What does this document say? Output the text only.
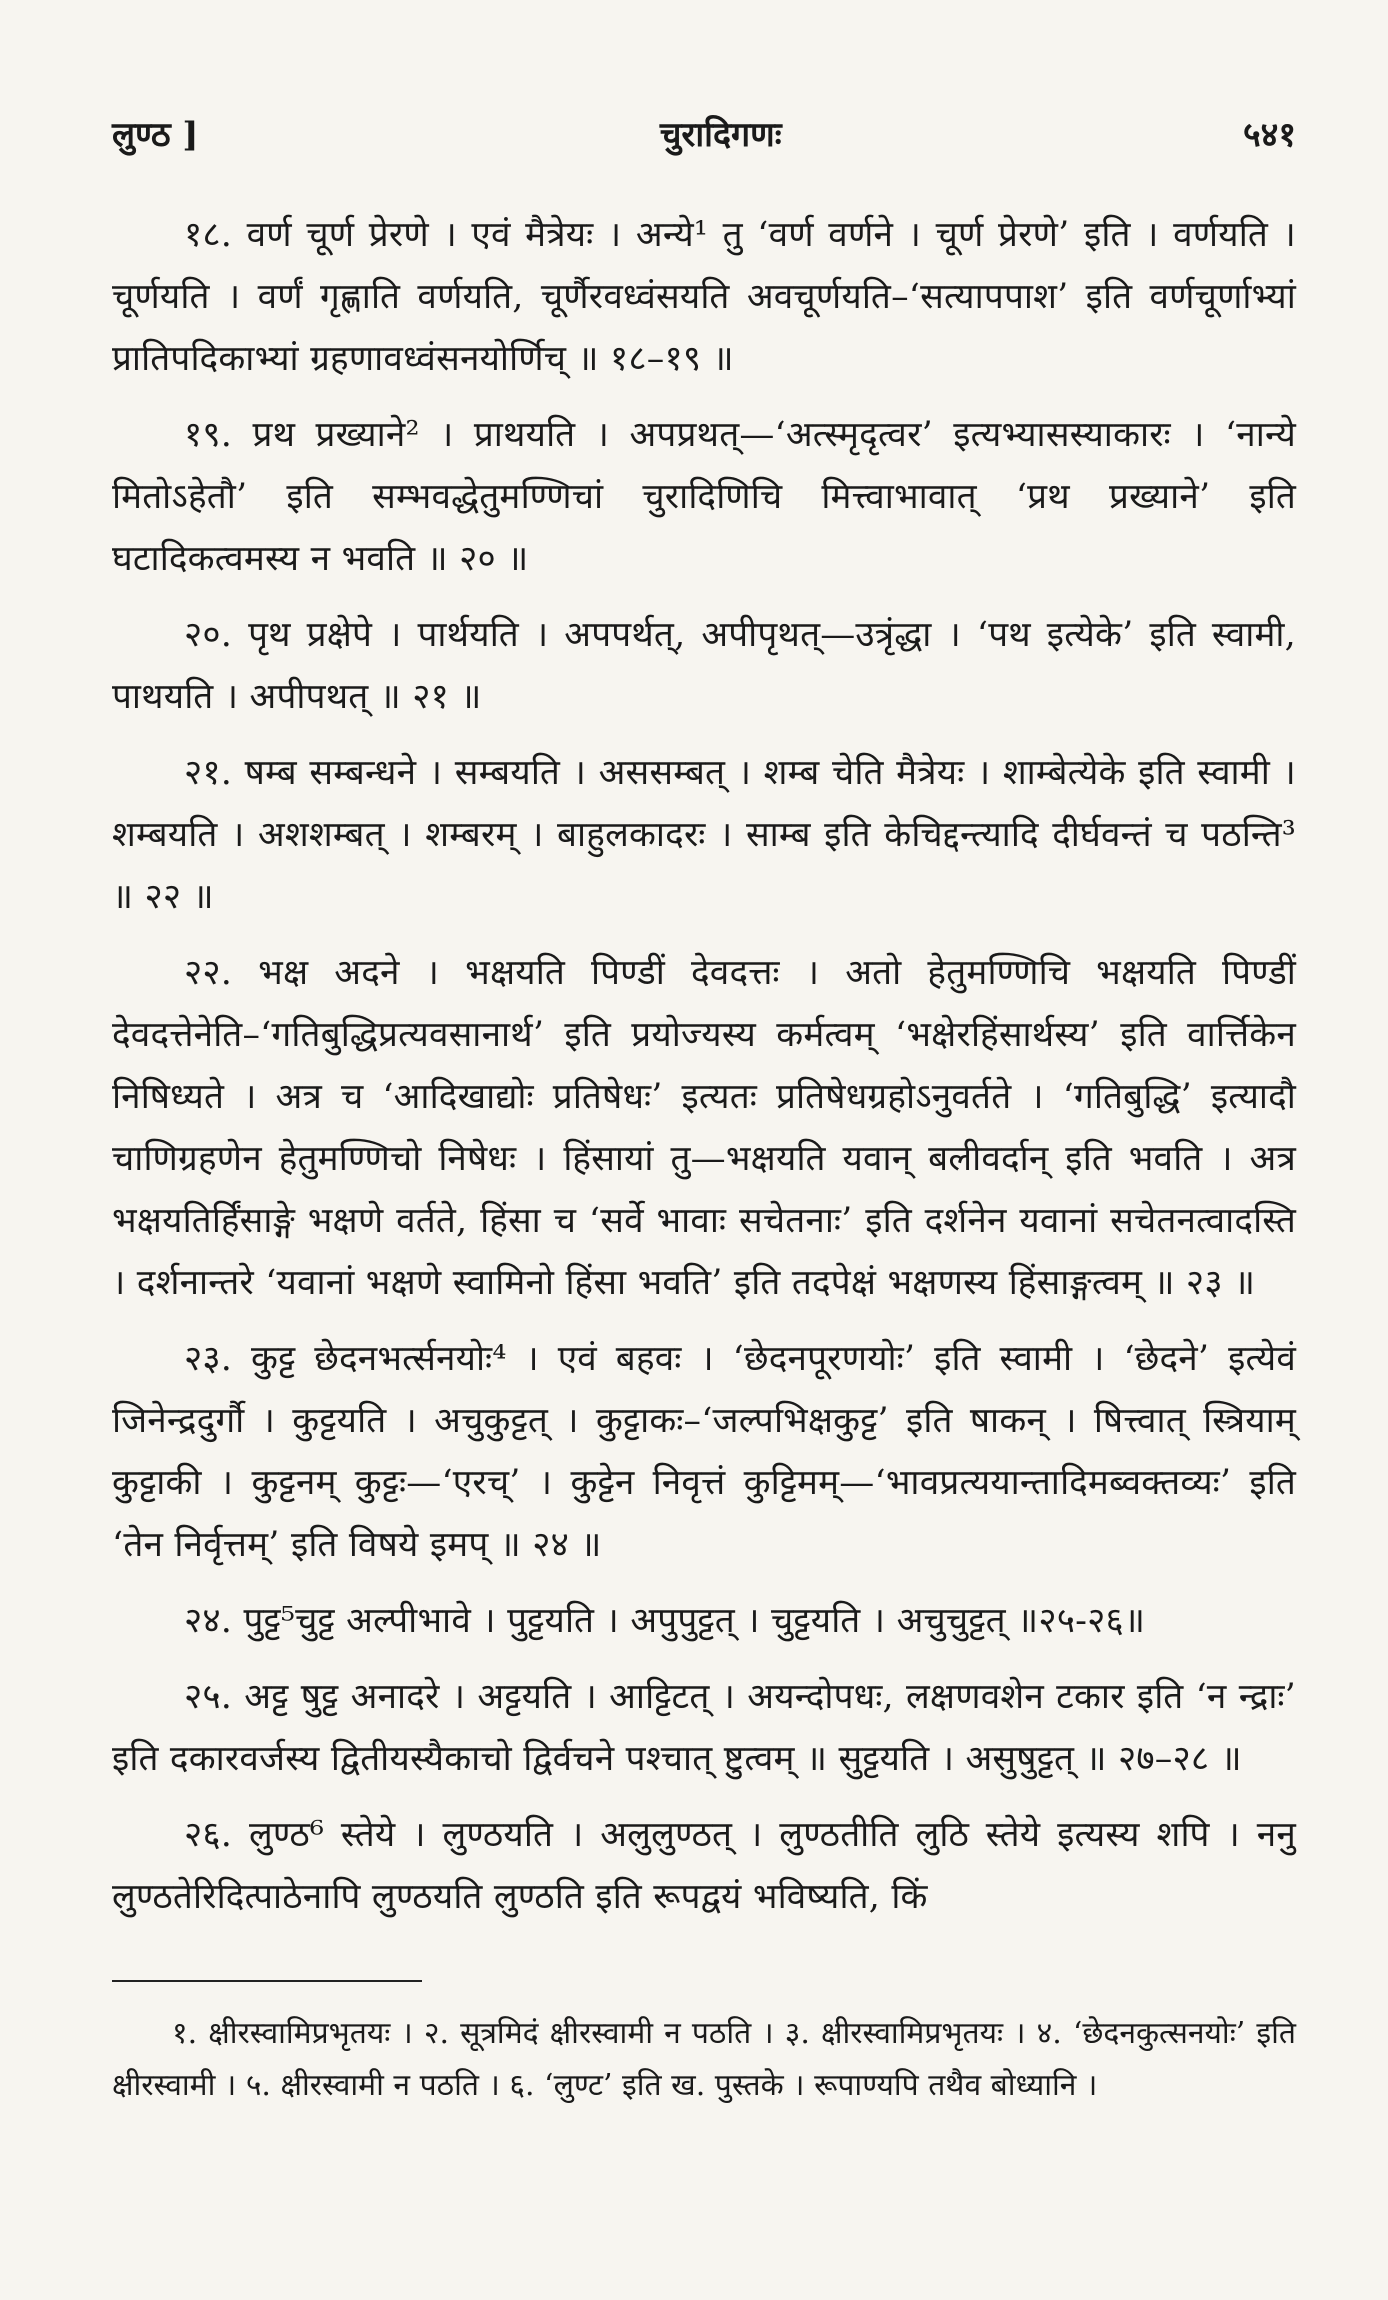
लुण्ठ ]	चुरादिगणः	५४१

१८. वर्ण चूर्ण प्रेरणे । एवं मैत्रेयः । अन्ये¹ तु ‘वर्ण वर्णने । चूर्ण प्रेरणे’ इति । वर्णयति । चूर्णयति । वर्णं गृह्णाति वर्णयति, चूर्णैरवध्वंसयति अवचूर्णयति–‘सत्यापपाश’ इति वर्णचूर्णाभ्यां प्रातिपदिकाभ्यां ग्रहणावध्वंसनयोर्णिच् ॥ १८–१९ ॥

१९. प्रथ प्रख्याने² । प्राथयति । अपप्रथत्—‘अत्स्मृदृत्वर’ इत्यभ्यासस्याकारः । ‘नान्ये मितोऽहेतौ’ इति सम्भवद्धेतुमण्णिचां चुरादिणिचि मित्त्वाभावात् ‘प्रथ प्रख्याने’ इति घटादिकत्वमस्य न भवति ॥ २० ॥

२०. पृथ प्रक्षेपे । पार्थयति । अपपर्थत्, अपीपृथत्—उत्रृंद्धा । ‘पथ इत्येके’ इति स्वामी, पाथयति । अपीपथत् ॥ २१ ॥

२१. षम्ब सम्बन्धने । सम्बयति । अससम्बत् । शम्ब चेति मैत्रेयः । शाम्बेत्येके इति स्वामी । शम्बयति । अशशम्बत् । शम्बरम् । बाहुलकादरः । साम्ब इति केचिद्दन्त्यादि दीर्घवन्तं च पठन्ति³ ॥ २२ ॥

२२. भक्ष अदने । भक्षयति पिण्डीं देवदत्तः । अतो हेतुमण्णिचि भक्षयति पिण्डीं देवदत्तेनेति–‘गतिबुद्धिप्रत्यवसानार्थ’ इति प्रयोज्यस्य कर्मत्वम् ‘भक्षेरहिंसार्थस्य’ इति वार्त्तिकेन निषिध्यते । अत्र च ‘आदिखाद्योः प्रतिषेधः’ इत्यतः प्रतिषेधग्रहोऽनुवर्तते । ‘गतिबुद्धि’ इत्यादौ चाणिग्रहणेन हेतुमण्णिचो निषेधः । हिंसायां तु—भक्षयति यवान् बलीवर्दान् इति भवति । अत्र भक्षयतिर्हिंसाङ्गे भक्षणे वर्तते, हिंसा च ‘सर्वे भावाः सचेतनाः’ इति दर्शनेन यवानां सचेतनत्वादस्ति । दर्शनान्तरे ‘यवानां भक्षणे स्वामिनो हिंसा भवति’ इति तदपेक्षं भक्षणस्य हिंसाङ्गत्वम् ॥ २३ ॥

२३. कुट्ट छेदनभर्त्सनयोः⁴ । एवं बहवः । ‘छेदनपूरणयोः’ इति स्वामी । ‘छेदने’ इत्येवं जिनेन्द्रदुर्गौ । कुट्टयति । अचुकुट्टत् । कुट्टाकः–‘जल्पभिक्षकुट्ट’ इति षाकन् । षित्त्वात् स्त्रियाम् कुट्टाकी । कुट्टनम् कुट्टः—‘एरच्’ । कुट्टेन निवृत्तं कुट्टिमम्—‘भावप्रत्ययान्तादिमब्वक्तव्यः’ इति ‘तेन निर्वृत्तम्’ इति विषये इमप् ॥ २४ ॥

२४. पुट्ट⁵चुट्ट अल्पीभावे । पुट्टयति । अपुपुट्टत् । चुट्टयति । अचुचुट्टत् ॥२५-२६॥

२५. अट्ट षुट्ट अनादरे । अट्टयति । आट्टिटत् । अयन्दोपधः, लक्षणवशेन टकार इति ‘न न्द्राः’ इति दकारवर्जस्य द्वितीयस्यैकाचो द्विर्वचने पश्चात् ष्टुत्वम् ॥ सुट्टयति । असुषुट्टत् ॥ २७–२८ ॥

२६. लुण्ठ⁶ स्तेये । लुण्ठयति । अलुलुण्ठत् । लुण्ठतीति लुठि स्तेये इत्यस्य शपि । ननु लुण्ठतेरिदित्पाठेनापि लुण्ठयति लुण्ठति इति रूपद्वयं भविष्यति, किं

१. क्षीरस्वामिप्रभृतयः । २. सूत्रमिदं क्षीरस्वामी न पठति । ३. क्षीरस्वामिप्रभृतयः । ४. ‘छेदनकुत्सनयोः’ इति क्षीरस्वामी । ५. क्षीरस्वामी न पठति । ६. ‘लुण्ट’ इति ख. पुस्तके । रूपाण्यपि तथैव बोध्यानि ।
